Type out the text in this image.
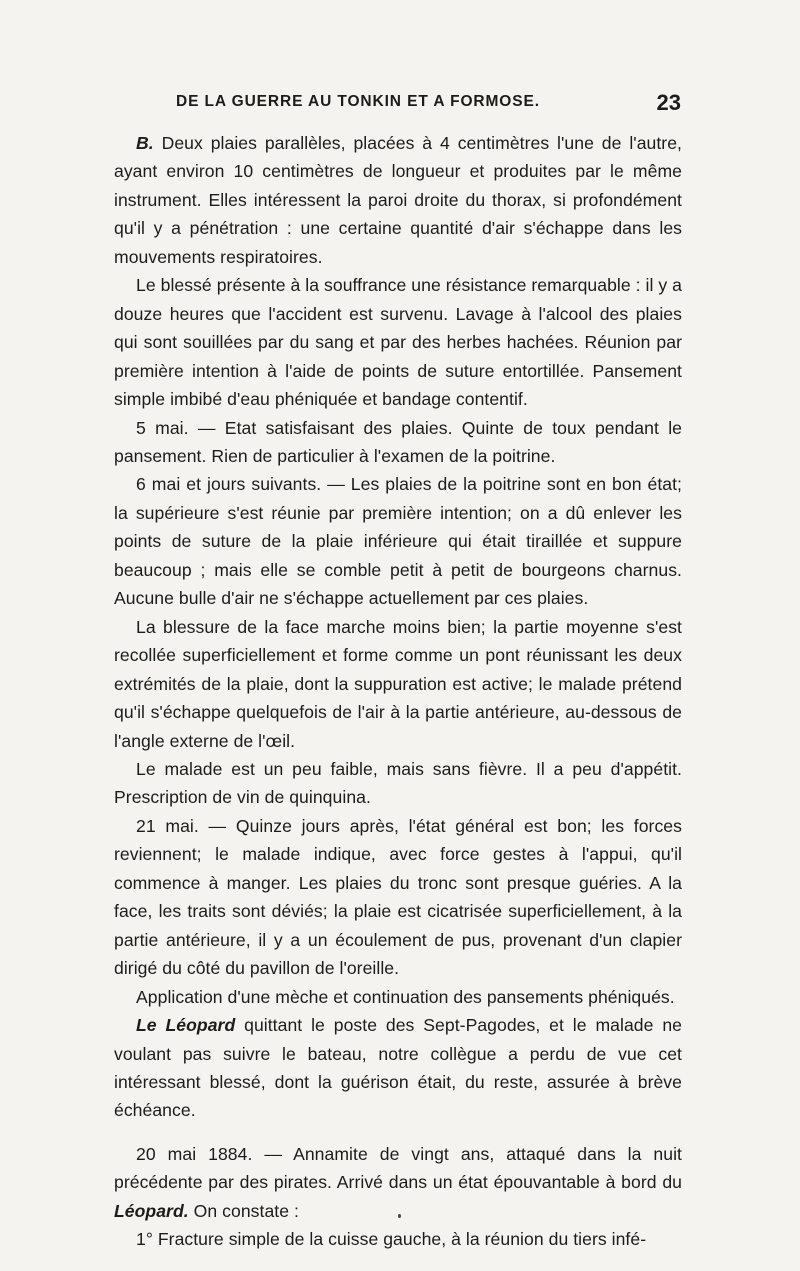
DE LA GUERRE AU TONKIN ET A FORMOSE.	23

B. Deux plaies parallèles, placées à 4 centimètres l'une de l'autre, ayant environ 10 centimètres de longueur et produites par le même instrument. Elles intéressent la paroi droite du thorax, si profondément qu'il y a pénétration : une certaine quantité d'air s'échappe dans les mouvements respiratoires.

Le blessé présente à la souffrance une résistance remarquable : il y a douze heures que l'accident est survenu. Lavage à l'alcool des plaies qui sont souillées par du sang et par des herbes hachées. Réunion par première intention à l'aide de points de suture entortillée. Pansement simple imbibé d'eau phéniquée et bandage contentif.

5 mai. — Etat satisfaisant des plaies. Quinte de toux pendant le pansement. Rien de particulier à l'examen de la poitrine.

6 mai et jours suivants. — Les plaies de la poitrine sont en bon état; la supérieure s'est réunie par première intention; on a dû enlever les points de suture de la plaie inférieure qui était tiraillée et suppure beaucoup ; mais elle se comble petit à petit de bourgeons charnus. Aucune bulle d'air ne s'échappe actuellement par ces plaies.

La blessure de la face marche moins bien; la partie moyenne s'est recollée superficiellement et forme comme un pont réunissant les deux extrémités de la plaie, dont la suppuration est active; le malade prétend qu'il s'échappe quelquefois de l'air à la partie antérieure, au-dessous de l'angle externe de l'œil.

Le malade est un peu faible, mais sans fièvre. Il a peu d'appétit. Prescription de vin de quinquina.

21 mai. — Quinze jours après, l'état général est bon; les forces reviennent; le malade indique, avec force gestes à l'appui, qu'il commence à manger. Les plaies du tronc sont presque guéries. A la face, les traits sont déviés; la plaie est cicatrisée superficiellement, à la partie antérieure, il y a un écoulement de pus, provenant d'un clapier dirigé du côté du pavillon de l'oreille.

Application d'une mèche et continuation des pansements phéniqués.

Le Léopard quittant le poste des Sept-Pagodes, et le malade ne voulant pas suivre le bateau, notre collègue a perdu de vue cet intéressant blessé, dont la guérison était, du reste, assurée à brève échéance.

20 mai 1884. — Annamite de vingt ans, attaqué dans la nuit précédente par des pirates. Arrivé dans un état épouvantable à bord du Léopard. On constate :

1° Fracture simple de la cuisse gauche, à la réunion du tiers infé-
